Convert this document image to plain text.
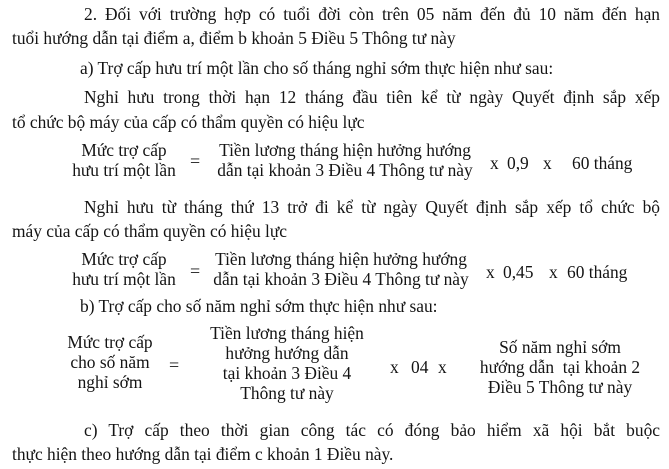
2. Đối với trường hợp có tuổi đời còn trên 05 năm đến đủ 10 năm đến hạn
tuổi hướng dẫn tại điểm a, điểm b khoản 5 Điều 5 Thông tư này
a) Trợ cấp hưu trí một lần cho số tháng nghỉ sớm thực hiện như sau:
Nghỉ hưu trong thời hạn 12 tháng đầu tiên kể từ ngày Quyết định sắp xếp
tổ chức bộ máy của cấp có thẩm quyền có hiệu lực
Mức trợ cấp
hưu trí một lần =
Tiền lương tháng hiện hưởng hướng
dẫn tại khoản 3 Điều 4 Thông tư này x 0,9 x 60 tháng
Nghỉ hưu từ tháng thứ 13 trở đi kể từ ngày Quyết định sắp xếp tổ chức bộ
máy của cấp có thẩm quyền có hiệu lực
Mức trợ cấp
hưu trí một lần =
Tiền lương tháng hiện hưởng hướng
dẫn tại khoản 3 Điều 4 Thông tư này x 0,45 x 60 tháng
b) Trợ cấp cho số năm nghỉ sớm thực hiện như sau:
Mức trợ cấp
cho số năm
nghỉ sớm
=
Tiền lương tháng hiện
hưởng hướng dẫn
tại khoản 3 Điều 4
Thông tư này
x 04 x
Số năm nghỉ sớm
hướng dẫn  tại khoản 2
Điều 5 Thông tư này
c) Trợ cấp theo thời gian công tác có đóng bảo hiểm xã hội bắt buộc
thực hiện theo hướng dẫn tại điểm c khoản 1 Điều này.
